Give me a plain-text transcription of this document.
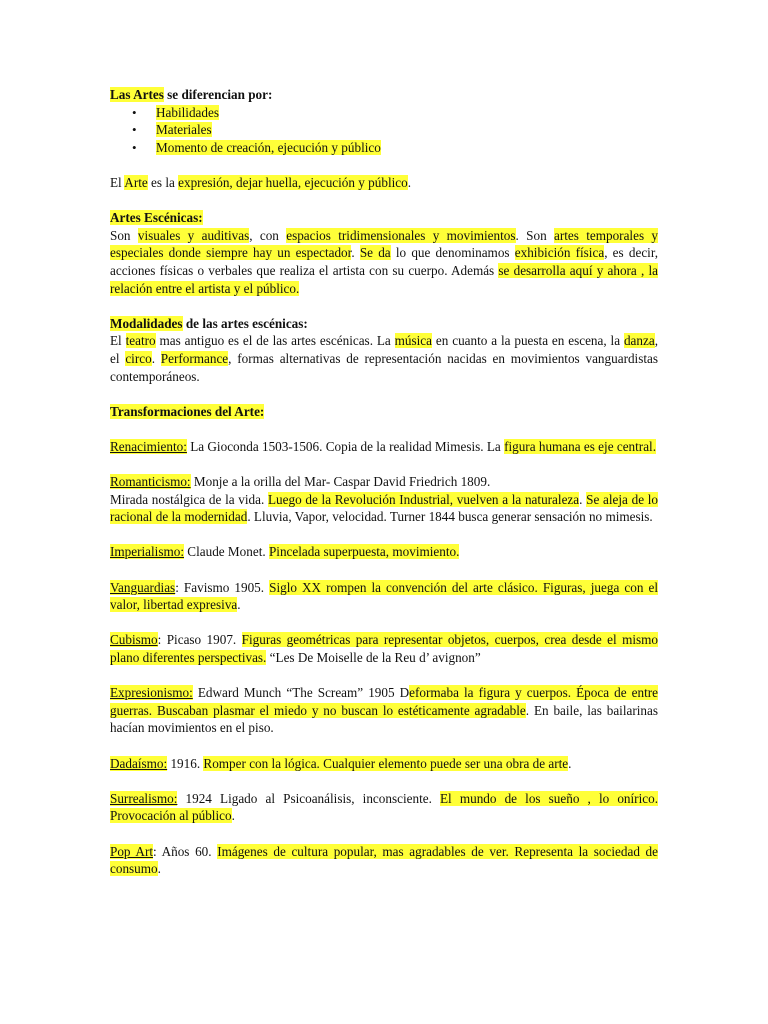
Las Artes se diferencian por:

• Habilidades
• Materiales
• Momento de creación, ejecución y público

El Arte es la expresión, dejar huella, ejecución y público.

Artes Escénicas:

Son visuales y auditivas, con espacios tridimensionales y movimientos. Son artes temporales y especiales donde siempre hay un espectador. Se da lo que denominamos exhibición física, es decir, acciones físicas o verbales que realiza el artista con su cuerpo. Además se desarrolla aquí y ahora , la relación entre el artista y el público.

Modalidades de las artes escénicas:

El teatro mas antiguo es el de las artes escénicas. La música en cuanto a la puesta en escena, la danza, el circo. Performance, formas alternativas de representación nacidas en movimientos vanguardistas contemporáneos.

Transformaciones del Arte:

Renacimiento: La Gioconda 1503-1506. Copia de la realidad Mimesis. La figura humana es eje central.

Romanticismo: Monje a la orilla del Mar- Caspar David Friedrich 1809.
Mirada nostálgica de la vida. Luego de la Revolución Industrial, vuelven a la naturaleza. Se aleja de lo racional de la modernidad. Lluvia, Vapor, velocidad. Turner 1844 busca generar sensación no mimesis.

Imperialismo: Claude Monet. Pincelada superpuesta, movimiento.

Vanguardias: Favismo 1905. Siglo XX rompen la convención del arte clásico. Figuras, juega con el valor, libertad expresiva.

Cubismo: Picaso 1907. Figuras geométricas para representar objetos, cuerpos, crea desde el mismo plano diferentes perspectivas. “Les De Moiselle de la Reu d’ avignon”

Expresionismo: Edward Munch “The Scream” 1905 Deformaba la figura y cuerpos. Época de entre guerras. Buscaban plasmar el miedo y no buscan lo estéticamente agradable. En baile, las bailarinas hacían movimientos en el piso.

Dadaísmo: 1916. Romper con la lógica. Cualquier elemento puede ser una obra de arte.

Surrealismo: 1924 Ligado al Psicoanálisis, inconsciente. El mundo de los sueño , lo onírico. Provocación al público.

Pop Art: Años 60. Imágenes de cultura popular, mas agradables de ver. Representa la sociedad de consumo.
